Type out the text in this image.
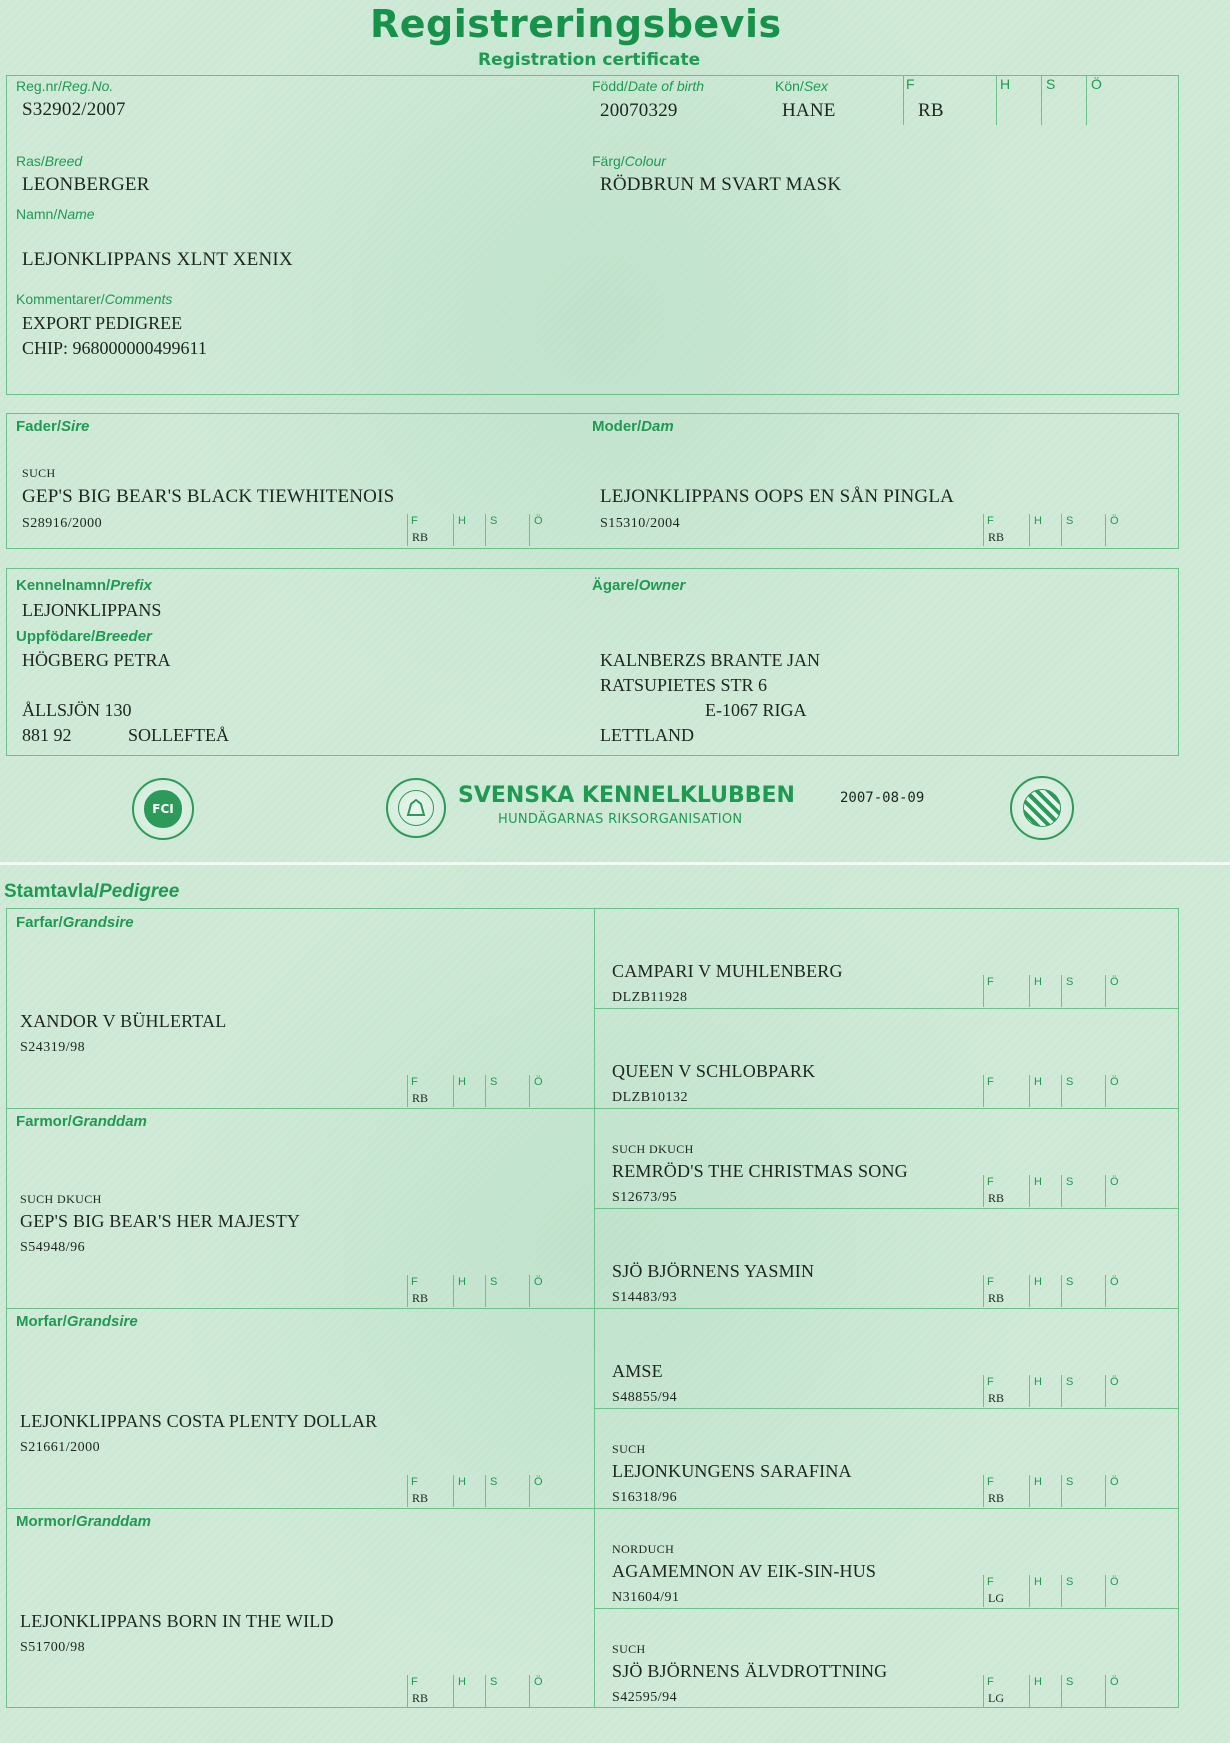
Registreringsbevis
Registration certificate
Reg.nr/Reg.No.
S32902/2007
Född/Date of birth
20070329
Kön/Sex
HANE
F
RB
H	S	Ö
Ras/Breed
LEONBERGER
Färg/Colour
RÖDBRUN M SVART MASK
Namn/Name
LEJONKLIPPANS XLNT XENIX
Kommentarer/Comments
EXPORT PEDIGREE
CHIP: 968000000499611
Fader/Sire
SUCH
GEP'S BIG BEAR'S BLACK TIEWHITENOIS
S28916/2000	F
RB
H S	Ö
Moder/Dam
LEJONKLIPPANS OOPS EN SÅN PINGLA
S15310/2004	F
RB
H S	Ö
Kennelnamn/Prefix
LEJONKLIPPANS
Uppfödare/Breeder
HÖGBERG PETRA
ÅLLSJÖN 130
881 92	SOLLEFTEÅ
Ägare/Owner
KALNBERZS BRANTE JAN
RATSUPIETES STR 6
E-1067 RIGA
LETTLAND
FCI
SVENSKA KENNELKLUBBEN
HUNDÄGARNAS RIKSORGANISATION
2007-08-09
Stamtavla/Pedigree
Farfar/Grandsire
XANDOR V BÜHLERTAL
S24319/98
F
RB
H S	Ö
Farmor/Granddam
SUCH DKUCH
GEP'S BIG BEAR'S HER MAJESTY
S54948/96
F
RB
H S	Ö
Morfar/Grandsire
LEJONKLIPPANS COSTA PLENTY DOLLAR
S21661/2000
F
RB
H S	Ö
Mormor/Granddam
LEJONKLIPPANS BORN IN THE WILD
S51700/98
F
RB
H S	Ö
CAMPARI V MUHLENBERG
DLZB11928
F	H S	Ö
QUEEN V SCHLOBPARK
DLZB10132
F	H S	Ö
SUCH DKUCH
REMRÖD'S THE CHRISTMAS SONG
S12673/95
F
RB
H S	Ö
SJÖ BJÖRNENS YASMIN
S14483/93
F
RB
H S	Ö
AMSE
S48855/94
F
RB
H S	Ö
SUCH
LEJONKUNGENS SARAFINA
S16318/96
F
RB
H S	Ö
NORDUCH
AGAMEMNON AV EIK-SIN-HUS
N31604/91
F
LG
H S	Ö
SUCH
SJÖ BJÖRNENS ÄLVDROTTNING
S42595/94
F
LG
H S	Ö
